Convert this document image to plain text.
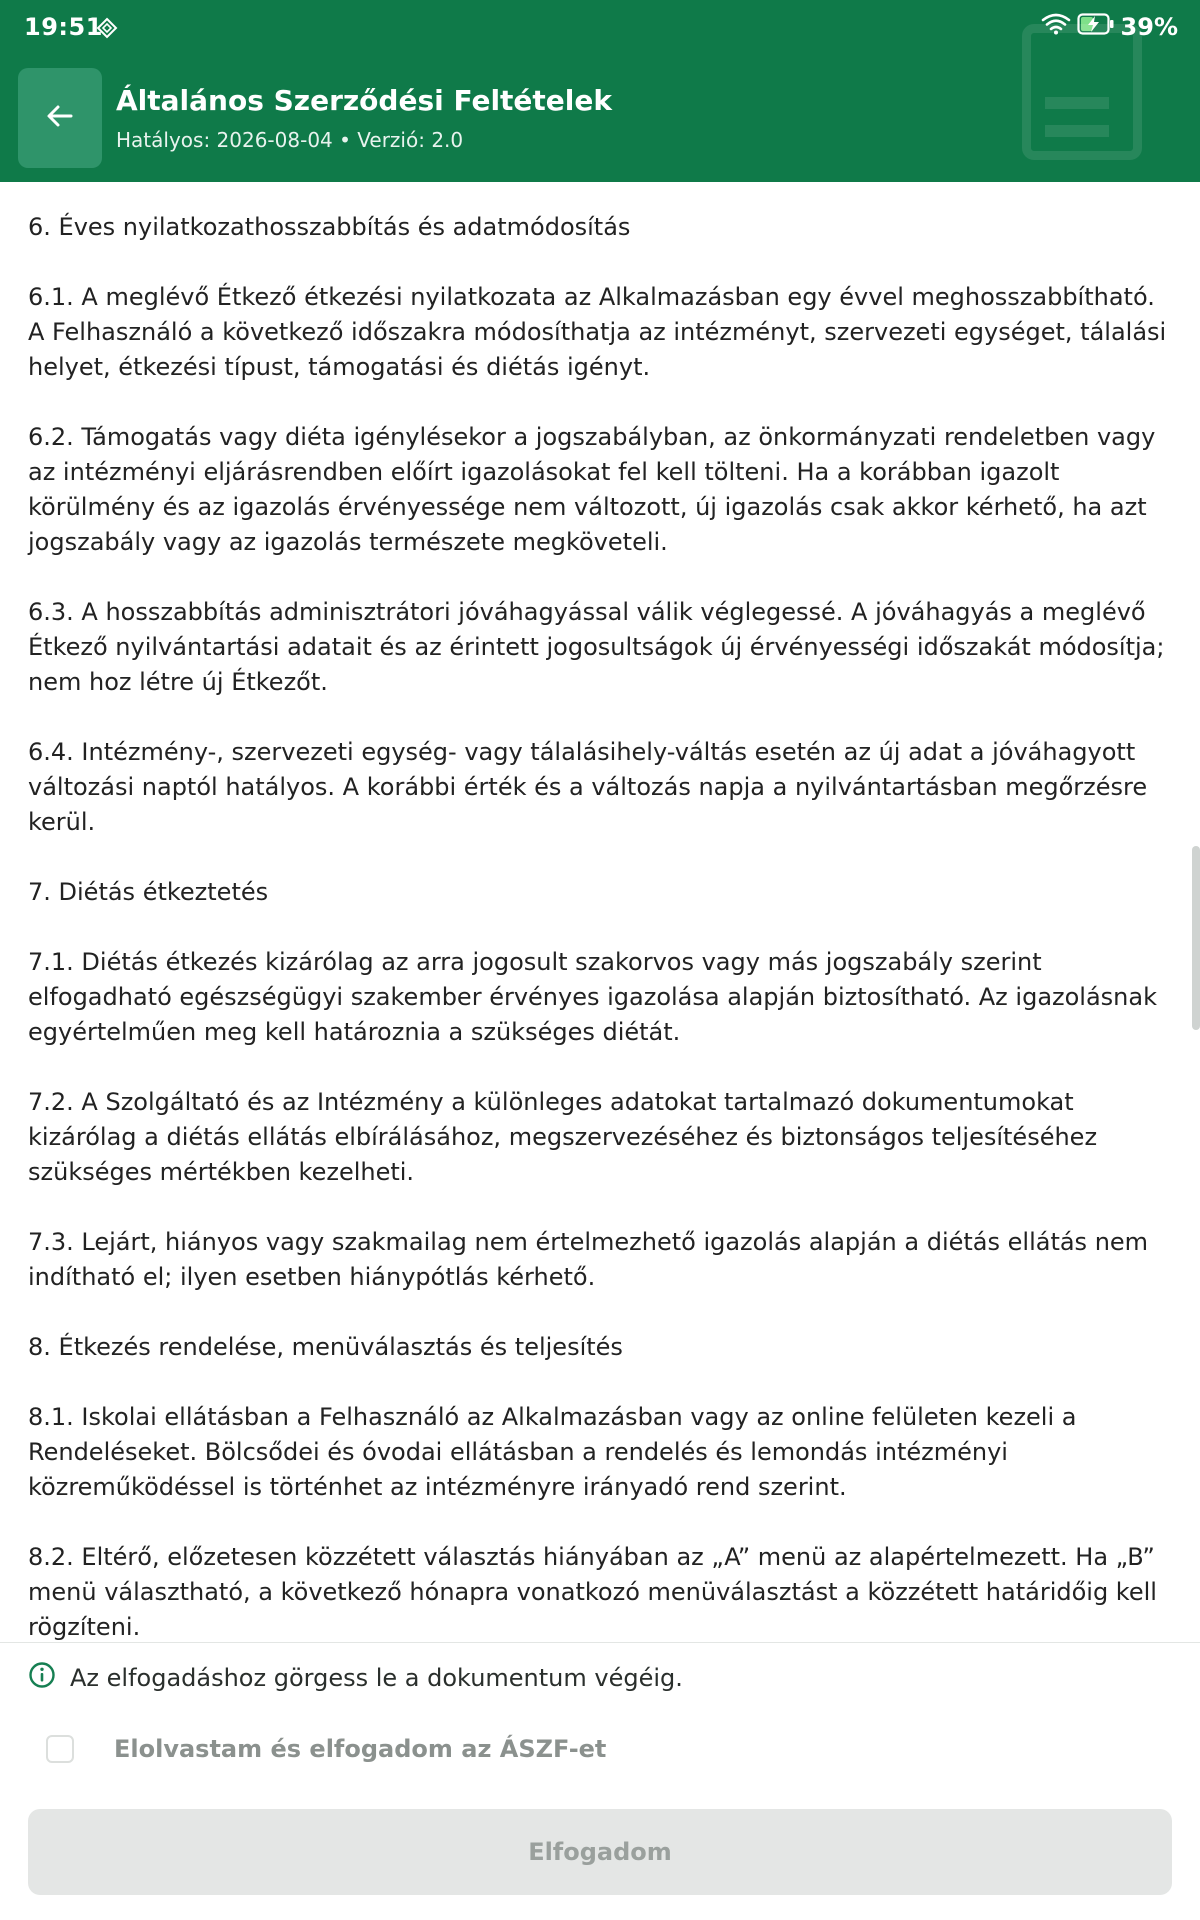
19:51	39%
Általános Szerződési Feltételek
Hatályos: 2026-08-04 • Verzió: 2.0

6. Éves nyilatkozathosszabbítás és adatmódosítás

6.1. A meglévő Étkező étkezési nyilatkozata az Alkalmazásban egy évvel meghosszabbítható. A Felhasználó a következő időszakra módosíthatja az intézményt, szervezeti egységet, tálalási helyet, étkezési típust, támogatási és diétás igényt.

6.2. Támogatás vagy diéta igénylésekor a jogszabályban, az önkormányzati rendeletben vagy az intézményi eljárásrendben előírt igazolásokat fel kell tölteni. Ha a korábban igazolt körülmény és az igazolás érvényessége nem változott, új igazolás csak akkor kérhető, ha azt jogszabály vagy az igazolás természete megköveteli.

6.3. A hosszabbítás adminisztrátori jóváhagyással válik véglegessé. A jóváhagyás a meglévő Étkező nyilvántartási adatait és az érintett jogosultságok új érvényességi időszakát módosítja; nem hoz létre új Étkezőt.

6.4. Intézmény-, szervezeti egység- vagy tálalásihely-váltás esetén az új adat a jóváhagyott változási naptól hatályos. A korábbi érték és a változás napja a nyilvántartásban megőrzésre kerül.

7. Diétás étkeztetés

7.1. Diétás étkezés kizárólag az arra jogosult szakorvos vagy más jogszabály szerint elfogadható egészségügyi szakember érvényes igazolása alapján biztosítható. Az igazolásnak egyértelműen meg kell határoznia a szükséges diétát.

7.2. A Szolgáltató és az Intézmény a különleges adatokat tartalmazó dokumentumokat kizárólag a diétás ellátás elbírálásához, megszervezéséhez és biztonságos teljesítéséhez szükséges mértékben kezelheti.

7.3. Lejárt, hiányos vagy szakmailag nem értelmezhető igazolás alapján a diétás ellátás nem indítható el; ilyen esetben hiánypótlás kérhető.

8. Étkezés rendelése, menüválasztás és teljesítés

8.1. Iskolai ellátásban a Felhasználó az Alkalmazásban vagy az online felületen kezeli a Rendeléseket. Bölcsődei és óvodai ellátásban a rendelés és lemondás intézményi közreműködéssel is történhet az intézményre irányadó rend szerint.

8.2. Eltérő, előzetesen közzétett választás hiányában az „A” menü az alapértelmezett. Ha „B” menü választható, a következő hónapra vonatkozó menüválasztást a közzétett határidőig kell rögzíteni.

Az elfogadáshoz görgess le a dokumentum végéig.
Elolvastam és elfogadom az ÁSZF-et
Elfogadom
